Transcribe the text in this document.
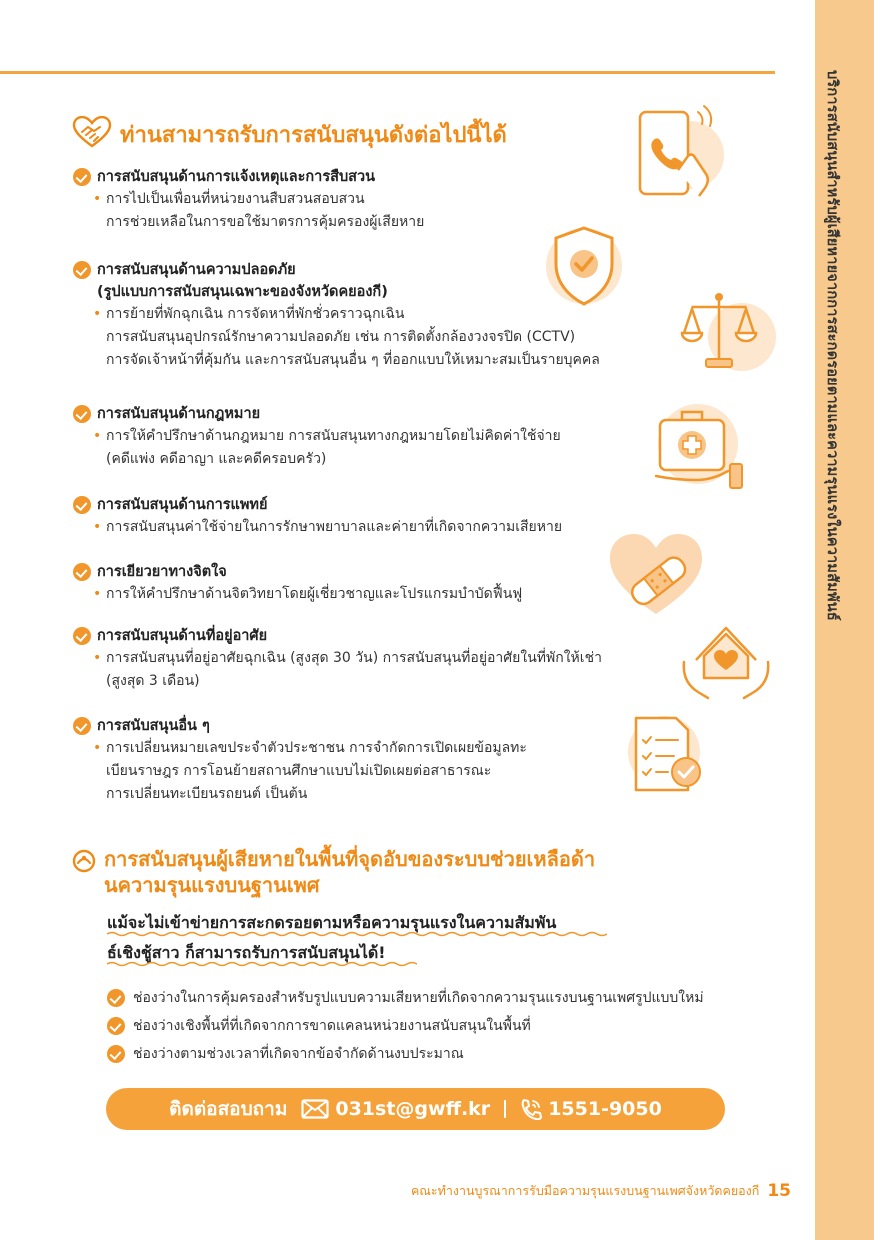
บริการสนับสนุนสำหรับผู้เสียหายจากการสะกดรอยตามและความรุนแรงในความสัมพันธ์
ท่านสามารถรับการสนับสนุนดังต่อไปนี้ได้
การสนับสนุนด้านการแจ้งเหตุและการสืบสวน
• การไปเป็นเพื่อนที่หน่วยงานสืบสวนสอบสวน
การช่วยเหลือในการขอใช้มาตรการคุ้มครองผู้เสียหาย
การสนับสนุนด้านความปลอดภัย
(รูปแบบการสนับสนุนเฉพาะของจังหวัดคยองกี)
• การย้ายที่พักฉุกเฉิน การจัดหาที่พักชั่วคราวฉุกเฉิน
การสนับสนุนอุปกรณ์รักษาความปลอดภัย เช่น การติดตั้งกล้องวงจรปิด (CCTV)
การจัดเจ้าหน้าที่คุ้มกัน และการสนับสนุนอื่น ๆ ที่ออกแบบให้เหมาะสมเป็นรายบุคคล
การสนับสนุนด้านกฎหมาย
• การให้คำปรึกษาด้านกฎหมาย การสนับสนุนทางกฎหมายโดยไม่คิดค่าใช้จ่าย
(คดีแพ่ง คดีอาญา และคดีครอบครัว)
การสนับสนุนด้านการแพทย์
• การสนับสนุนค่าใช้จ่ายในการรักษาพยาบาลและค่ายาที่เกิดจากความเสียหาย
การเยียวยาทางจิตใจ
• การให้คำปรึกษาด้านจิตวิทยาโดยผู้เชี่ยวชาญและโปรแกรมบำบัดฟื้นฟู
การสนับสนุนด้านที่อยู่อาศัย
• การสนับสนุนที่อยู่อาศัยฉุกเฉิน (สูงสุด 30 วัน) การสนับสนุนที่อยู่อาศัยในที่พักให้เช่า
(สูงสุด 3 เดือน)
การสนับสนุนอื่น ๆ
• การเปลี่ยนหมายเลขประจำตัวประชาชน การจำกัดการเปิดเผยข้อมูลทะ
เบียนราษฎร การโอนย้ายสถานศึกษาแบบไม่เปิดเผยต่อสาธารณะ
การเปลี่ยนทะเบียนรถยนต์ เป็นต้น
การสนับสนุนผู้เสียหายในพื้นที่จุดอับของระบบช่วยเหลือด้า
นความรุนแรงบนฐานเพศ
แม้จะไม่เข้าข่ายการสะกดรอยตามหรือความรุนแรงในความสัมพัน
ธ์เชิงชู้สาว ก็สามารถรับการสนับสนุนได้!
ช่องว่างในการคุ้มครองสำหรับรูปแบบความเสียหายที่เกิดจากความรุนแรงบนฐานเพศรูปแบบใหม่
ช่องว่างเชิงพื้นที่ที่เกิดจากการขาดแคลนหน่วยงานสนับสนุนในพื้นที่
ช่องว่างตามช่วงเวลาที่เกิดจากข้อจำกัดด้านงบประมาณ
ติดต่อสอบถาม	031st@gwff.kr	1551-9050
คณะทำงานบูรณาการรับมือความรุนแรงบนฐานเพศจังหวัดคยองกี 15
